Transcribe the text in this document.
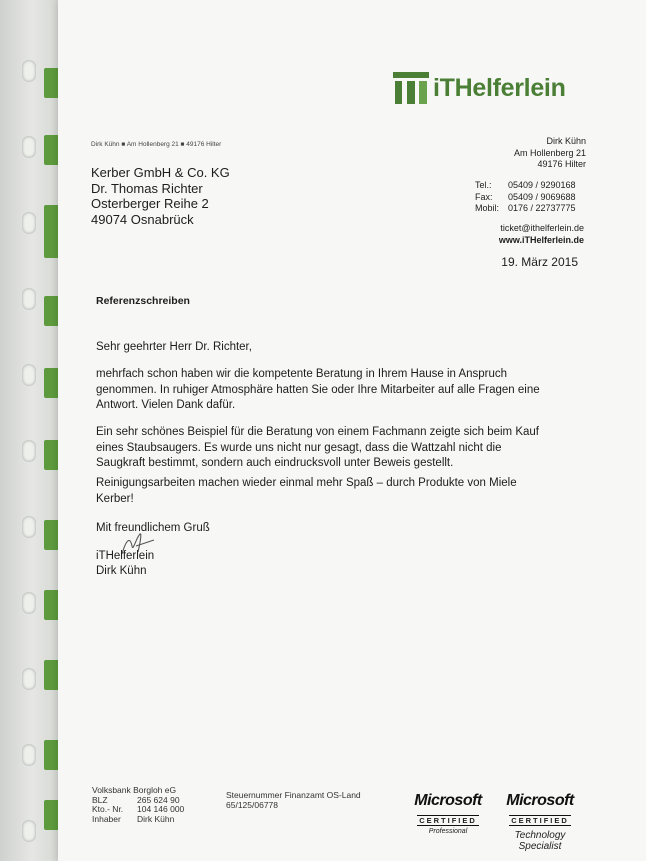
iTHelferlein
Dirk Kühn ■ Am Hollenberg 21 ■ 49176 Hilter
Kerber GmbH & Co. KG
Dr. Thomas Richter
Osterberger Reihe 2
49074 Osnabrück
Dirk Kühn
Am Hollenberg 21
49176 Hilter
Tel.:	05409 / 9290168
Fax:	05409 / 9069688
Mobil: 0176 / 22737775
ticket@ithelferlein.de
www.iTHelferlein.de
19. März 2015
Referenzschreiben
Sehr geehrter Herr Dr. Richter,
mehrfach schon haben wir die kompetente Beratung in Ihrem Hause in Anspruch
genommen. In ruhiger Atmosphäre hatten Sie oder Ihre Mitarbeiter auf alle Fragen eine
Antwort. Vielen Dank dafür.
Ein sehr schönes Beispiel für die Beratung von einem Fachmann zeigte sich beim Kauf
eines Staubsaugers. Es wurde uns nicht nur gesagt, dass die Wattzahl nicht die
Saugkraft bestimmt, sondern auch eindrucksvoll unter Beweis gestellt.
Reinigungsarbeiten machen wieder einmal mehr Spaß – durch Produkte von Miele
Kerber!
Mit freundlichem Gruß
iTHelferlein
Dirk Kühn
Volksbank Borgloh eG
BLZ	265 624 90
Kto.- Nr.	104 146 000
Inhaber	Dirk Kühn
Steuernummer Finanzamt OS-Land
65/125/06778	Microsoft
CERTIFIED
Professional
Microsoft
CERTIFIED
Technology Specialist
